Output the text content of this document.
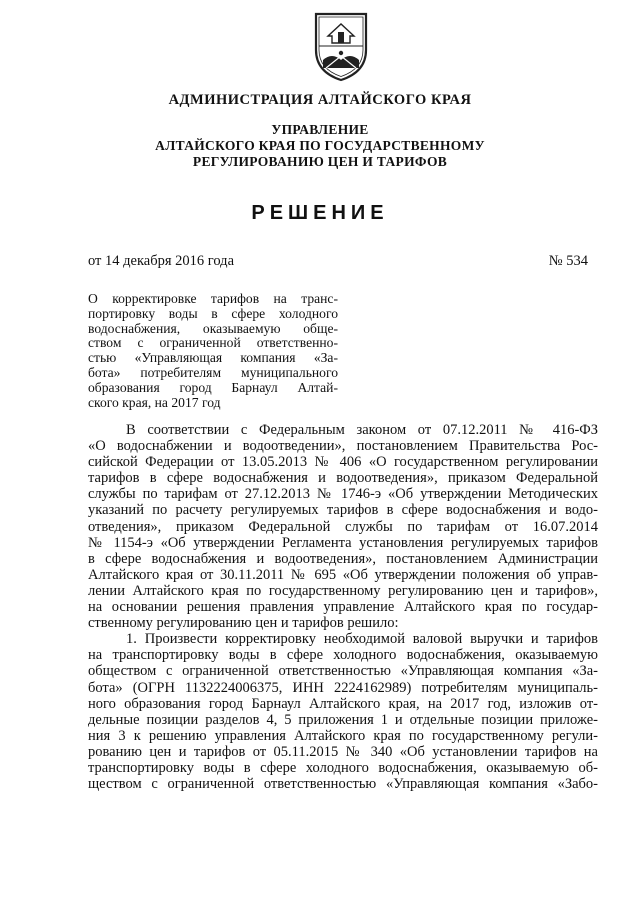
АДМИНИСТРАЦИЯ АЛТАЙСКОГО КРАЯ
УПРАВЛЕНИЕ
АЛТАЙСКОГО КРАЯ ПО ГОСУДАРСТВЕННОМУ
РЕГУЛИРОВАНИЮ ЦЕН И ТАРИФОВ
РЕШЕНИЕ
от 14 декабря 2016 года	№ 534
О корректировке тарифов на транс-
портировку воды в сфере холодного
водоснабжения, оказываемую обще-
ством с ограниченной ответственно-
стью «Управляющая компания «За-
бота» потребителям муниципального
образования город Барнаул Алтай-
ского края, на 2017 год
В соответствии с Федеральным законом от 07.12.2011 № 416-ФЗ
«О водоснабжении и водоотведении», постановлением Правительства Рос-
сийской Федерации от 13.05.2013 № 406 «О государственном регулировании
тарифов в сфере водоснабжения и водоотведения», приказом Федеральной
службы по тарифам от 27.12.2013 № 1746-э «Об утверждении Методических
указаний по расчету регулируемых тарифов в сфере водоснабжения и водо-
отведения», приказом Федеральной службы по тарифам от 16.07.2014
№ 1154-э «Об утверждении Регламента установления регулируемых тарифов
в сфере водоснабжения и водоотведения», постановлением Администрации
Алтайского края от 30.11.2011 № 695 «Об утверждении положения об управ-
лении Алтайского края по государственному регулированию цен и тарифов»,
на основании решения правления управление Алтайского края по государ-
ственному регулированию цен и тарифов решило:
1. Произвести корректировку необходимой валовой выручки и тарифов
на транспортировку воды в сфере холодного водоснабжения, оказываемую
обществом с ограниченной ответственностью «Управляющая компания «За-
бота» (ОГРН 1132224006375, ИНН 2224162989) потребителям муниципаль-
ного образования город Барнаул Алтайского края, на 2017 год, изложив от-
дельные позиции разделов 4, 5 приложения 1 и отдельные позиции приложе-
ния 3 к решению управления Алтайского края по государственному регули-
рованию цен и тарифов от 05.11.2015 № 340 «Об установлении тарифов на
транспортировку воды в сфере холодного водоснабжения, оказываемую об-
ществом с ограниченной ответственностью «Управляющая компания «Забо-
